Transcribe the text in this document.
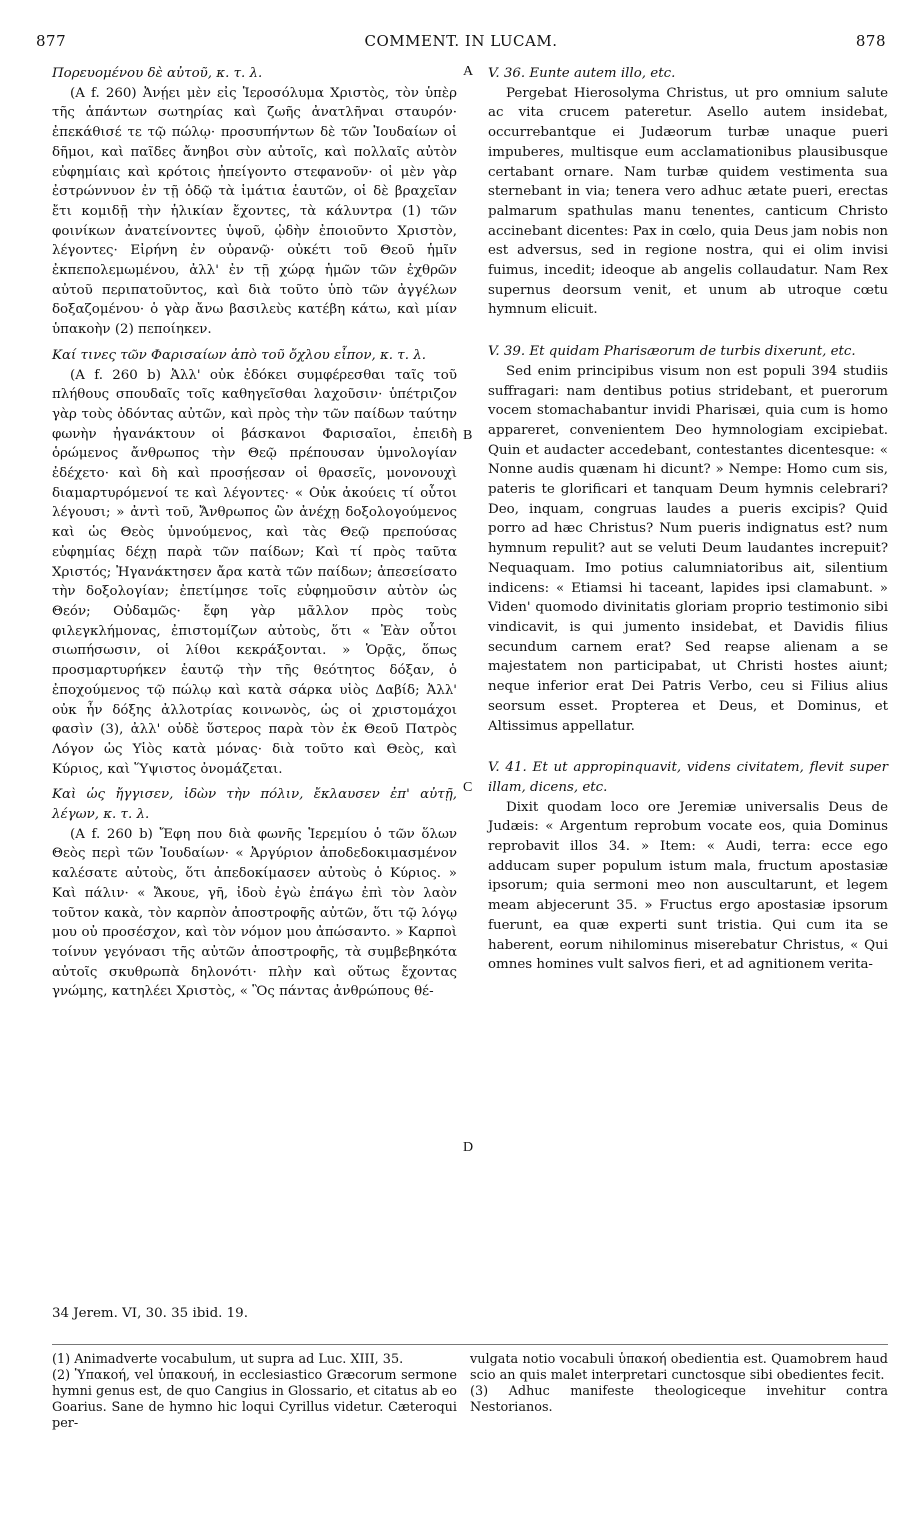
877	COMMENT. IN LUCAM.	878
A
B
C
D

Πορευομένου δὲ αὐτοῦ, κ. τ. λ.

(A f. 260) Ἀνῄει μὲν εἰς Ἱεροσόλυμα Χριστὸς, τὸν ὑπὲρ τῆς ἁπάντων σωτηρίας καὶ ζωῆς ἀνατλῆναι σταυρόν· ἐπεκάθισέ τε τῷ πώλῳ· προσυπήντων δὲ τῶν Ἰουδαίων οἱ δῆμοι, καὶ παῖδες ἄνηβοι σὺν αὐτοῖς, καὶ πολλαῖς αὐτὸν εὐφημίαις καὶ κρότοις ἠπείγοντο στεφανοῦν· οἱ μὲν γὰρ ἐστρώννυον ἐν τῇ ὁδῷ τὰ ἱμάτια ἑαυτῶν, οἱ δὲ βραχεῖαν ἔτι κομιδῇ τὴν ἡλικίαν ἔχοντες, τὰ κάλυντρα (1) τῶν φοινίκων ἀνατείνοντες ὑψοῦ, ᾠδὴν ἐποιοῦντο Χριστὸν, λέγοντες· Εἰρήνη ἐν οὐρανῷ· οὐκέτι τοῦ Θεοῦ ἡμῖν ἐκπεπολεμωμένου, ἀλλ' ἐν τῇ χώρᾳ ἡμῶν τῶν ἐχθρῶν αὐτοῦ περιπατοῦντος, καὶ διὰ τοῦτο ὑπὸ τῶν ἀγγέλων δοξαζομένου· ὁ γὰρ ἄνω βασιλεὺς κατέβη κάτω, καὶ μίαν ὑπακοὴν (2) πεποίηκεν.

Καί τινες τῶν Φαρισαίων ἀπὸ τοῦ ὄχλου εἶπον, κ. τ. λ.

(A f. 260 b) Ἀλλ' οὐκ ἐδόκει συμφέρεσθαι ταῖς τοῦ πλήθους σπουδαῖς τοῖς καθηγεῖσθαι λαχοῦσιν· ὑπέτριζον γὰρ τοὺς ὀδόντας αὐτῶν, καὶ πρὸς τὴν τῶν παίδων ταύτην φωνὴν ἠγανάκτουν οἱ βάσκανοι Φαρισαῖοι, ἐπειδὴ ὁρώμενος ἄνθρωπος τὴν Θεῷ πρέπουσαν ὑμνολογίαν ἐδέχετο· καὶ δὴ καὶ προσῄεσαν οἱ θρασεῖς, μονονουχὶ διαμαρτυρόμενοί τε καὶ λέγοντες· « Οὐκ ἀκούεις τί οὗτοι λέγουσι; » ἀντὶ τοῦ, Ἄνθρωπος ὢν ἀνέχῃ δοξολογούμενος καὶ ὡς Θεὸς ὑμνούμενος, καὶ τὰς Θεῷ πρεπούσας εὐφημίας δέχῃ παρὰ τῶν παίδων; Καὶ τί πρὸς ταῦτα Χριστός; Ἠγανάκτησεν ἄρα κατὰ τῶν παίδων; ἀπεσείσατο τὴν δοξολογίαν; ἐπετίμησε τοῖς εὐφημοῦσιν αὐτὸν ὡς Θεόν; Οὐδαμῶς· ἔφη γὰρ μᾶλλον πρὸς τοὺς φιλεγκλήμονας, ἐπιστομίζων αὐτοὺς, ὅτι « Ἐὰν οὗτοι σιωπήσωσιν, οἱ λίθοι κεκράξονται. » Ὁρᾷς, ὅπως προσμαρτυρήκεν ἑαυτῷ τὴν τῆς θεότητος δόξαν, ὁ ἐποχούμενος τῷ πώλῳ καὶ κατὰ σάρκα υἱὸς Δαβίδ; Ἀλλ' οὐκ ἦν δόξης ἀλλοτρίας κοινωνὸς, ὡς οἱ χριστομάχοι φασὶν (3), ἀλλ' οὐδὲ ὕστερος παρὰ τὸν ἐκ Θεοῦ Πατρὸς Λόγον ὡς Υἱὸς κατὰ μόνας· διὰ τοῦτο καὶ Θεὸς, καὶ Κύριος, καὶ Ὕψιστος ὀνομάζεται.

Καὶ ὡς ἤγγισεν, ἰδὼν τὴν πόλιν, ἔκλαυσεν ἐπ' αὐτῇ, λέγων, κ. τ. λ.

(A f. 260 b) Ἔφη που διὰ φωνῆς Ἱερεμίου ὁ τῶν ὅλων Θεὸς περὶ τῶν Ἰουδαίων· « Ἀργύριον ἀποδεδοκιμασμένον καλέσατε αὐτοὺς, ὅτι ἀπεδοκίμασεν αὐτοὺς ὁ Κύριος. » Καὶ πάλιν· « Ἄκουε, γῆ, ἰδοὺ ἐγὼ ἐπάγω ἐπὶ τὸν λαὸν τοῦτον κακὰ, τὸν καρπὸν ἀποστροφῆς αὐτῶν, ὅτι τῷ λόγῳ μου οὐ προσέσχον, καὶ τὸν νόμον μου ἀπώσαντο. » Καρποὶ τοίνυν γεγόνασι τῆς αὐτῶν ἀποστροφῆς, τὰ συμβεβηκότα αὐτοῖς σκυθρωπὰ δηλονότι· πλὴν καὶ οὕτως ἔχοντας γνώμης, κατηλέει Χριστὸς, « Ὃς πάντας ἀνθρώπους θέ-

V. 36. Eunte autem illo, etc.

Pergebat Hierosolyma Christus, ut pro omnium salute ac vita crucem pateretur. Asello autem insidebat, occurrebantque ei Judæorum turbæ unaque pueri impuberes, multisque eum acclamationibus plausibusque certabant ornare. Nam turbæ quidem vestimenta sua sternebant in via; tenera vero adhuc ætate pueri, erectas palmarum spathulas manu tenentes, canticum Christo accinebant dicentes: Pax in cœlo, quia Deus jam nobis non est adversus, sed in regione nostra, qui ei olim invisi fuimus, incedit; ideoque ab angelis collaudatur. Nam Rex supernus deorsum venit, et unum ab utroque cœtu hymnum elicuit.

V. 39. Et quidam Pharisæorum de turbis dixerunt, etc.

Sed enim principibus visum non est populi 394 studiis suffragari: nam dentibus potius stridebant, et puerorum vocem stomachabantur invidi Pharisæi, quia cum is homo appareret, convenientem Deo hymnologiam excipiebat. Quin et audacter accedebant, contestantes dicentesque: « Nonne audis quænam hi dicunt? » Nempe: Homo cum sis, pateris te glorificari et tanquam Deum hymnis celebrari? Deo, inquam, congruas laudes a pueris excipis? Quid porro ad hæc Christus? Num pueris indignatus est? num hymnum repulit? aut se veluti Deum laudantes increpuit? Nequaquam. Imo potius calumniatoribus ait, silentium indicens: « Etiamsi hi taceant, lapides ipsi clamabunt. » Viden' quomodo divinitatis gloriam proprio testimonio sibi vindicavit, is qui jumento insidebat, et Davidis filius secundum carnem erat? Sed reapse alienam a se majestatem non participabat, ut Christi hostes aiunt; neque inferior erat Dei Patris Verbo, ceu si Filius alius seorsum esset. Propterea et Deus, et Dominus, et Altissimus appellatur.

V. 41. Et ut appropinquavit, videns civitatem, flevit super illam, dicens, etc.

Dixit quodam loco ore Jeremiæ universalis Deus de Judæis: « Argentum reprobum vocate eos, quia Dominus reprobavit illos 34. » Item: « Audi, terra: ecce ego adducam super populum istum mala, fructum apostasiæ ipsorum; quia sermoni meo non auscultarunt, et legem meam abjecerunt 35. » Fructus ergo apostasiæ ipsorum fuerunt, ea quæ experti sunt tristia. Qui cum ita se haberent, eorum nihilominus miserebatur Christus, « Qui omnes homines vult salvos fieri, et ad agnitionem verita-

34 Jerem. VI, 30. 35 ibid. 19.

(1) Animadverte vocabulum, ut supra ad Luc. XIII, 35.

(2) Ὑπακοή, vel ὑπακουή, in ecclesiastico Græcorum sermone hymni genus est, de quo Cangius in Glossario, et citatus ab eo Goarius. Sane de hymno hic loqui Cyrillus videtur. Cæteroqui per-

vulgata notio vocabuli ὑπακοή obedientia est. Quamobrem haud scio an quis malet interpretari cunctosque sibi obedientes fecit.

(3) Adhuc manifeste theologiceque invehitur contra Nestorianos.
